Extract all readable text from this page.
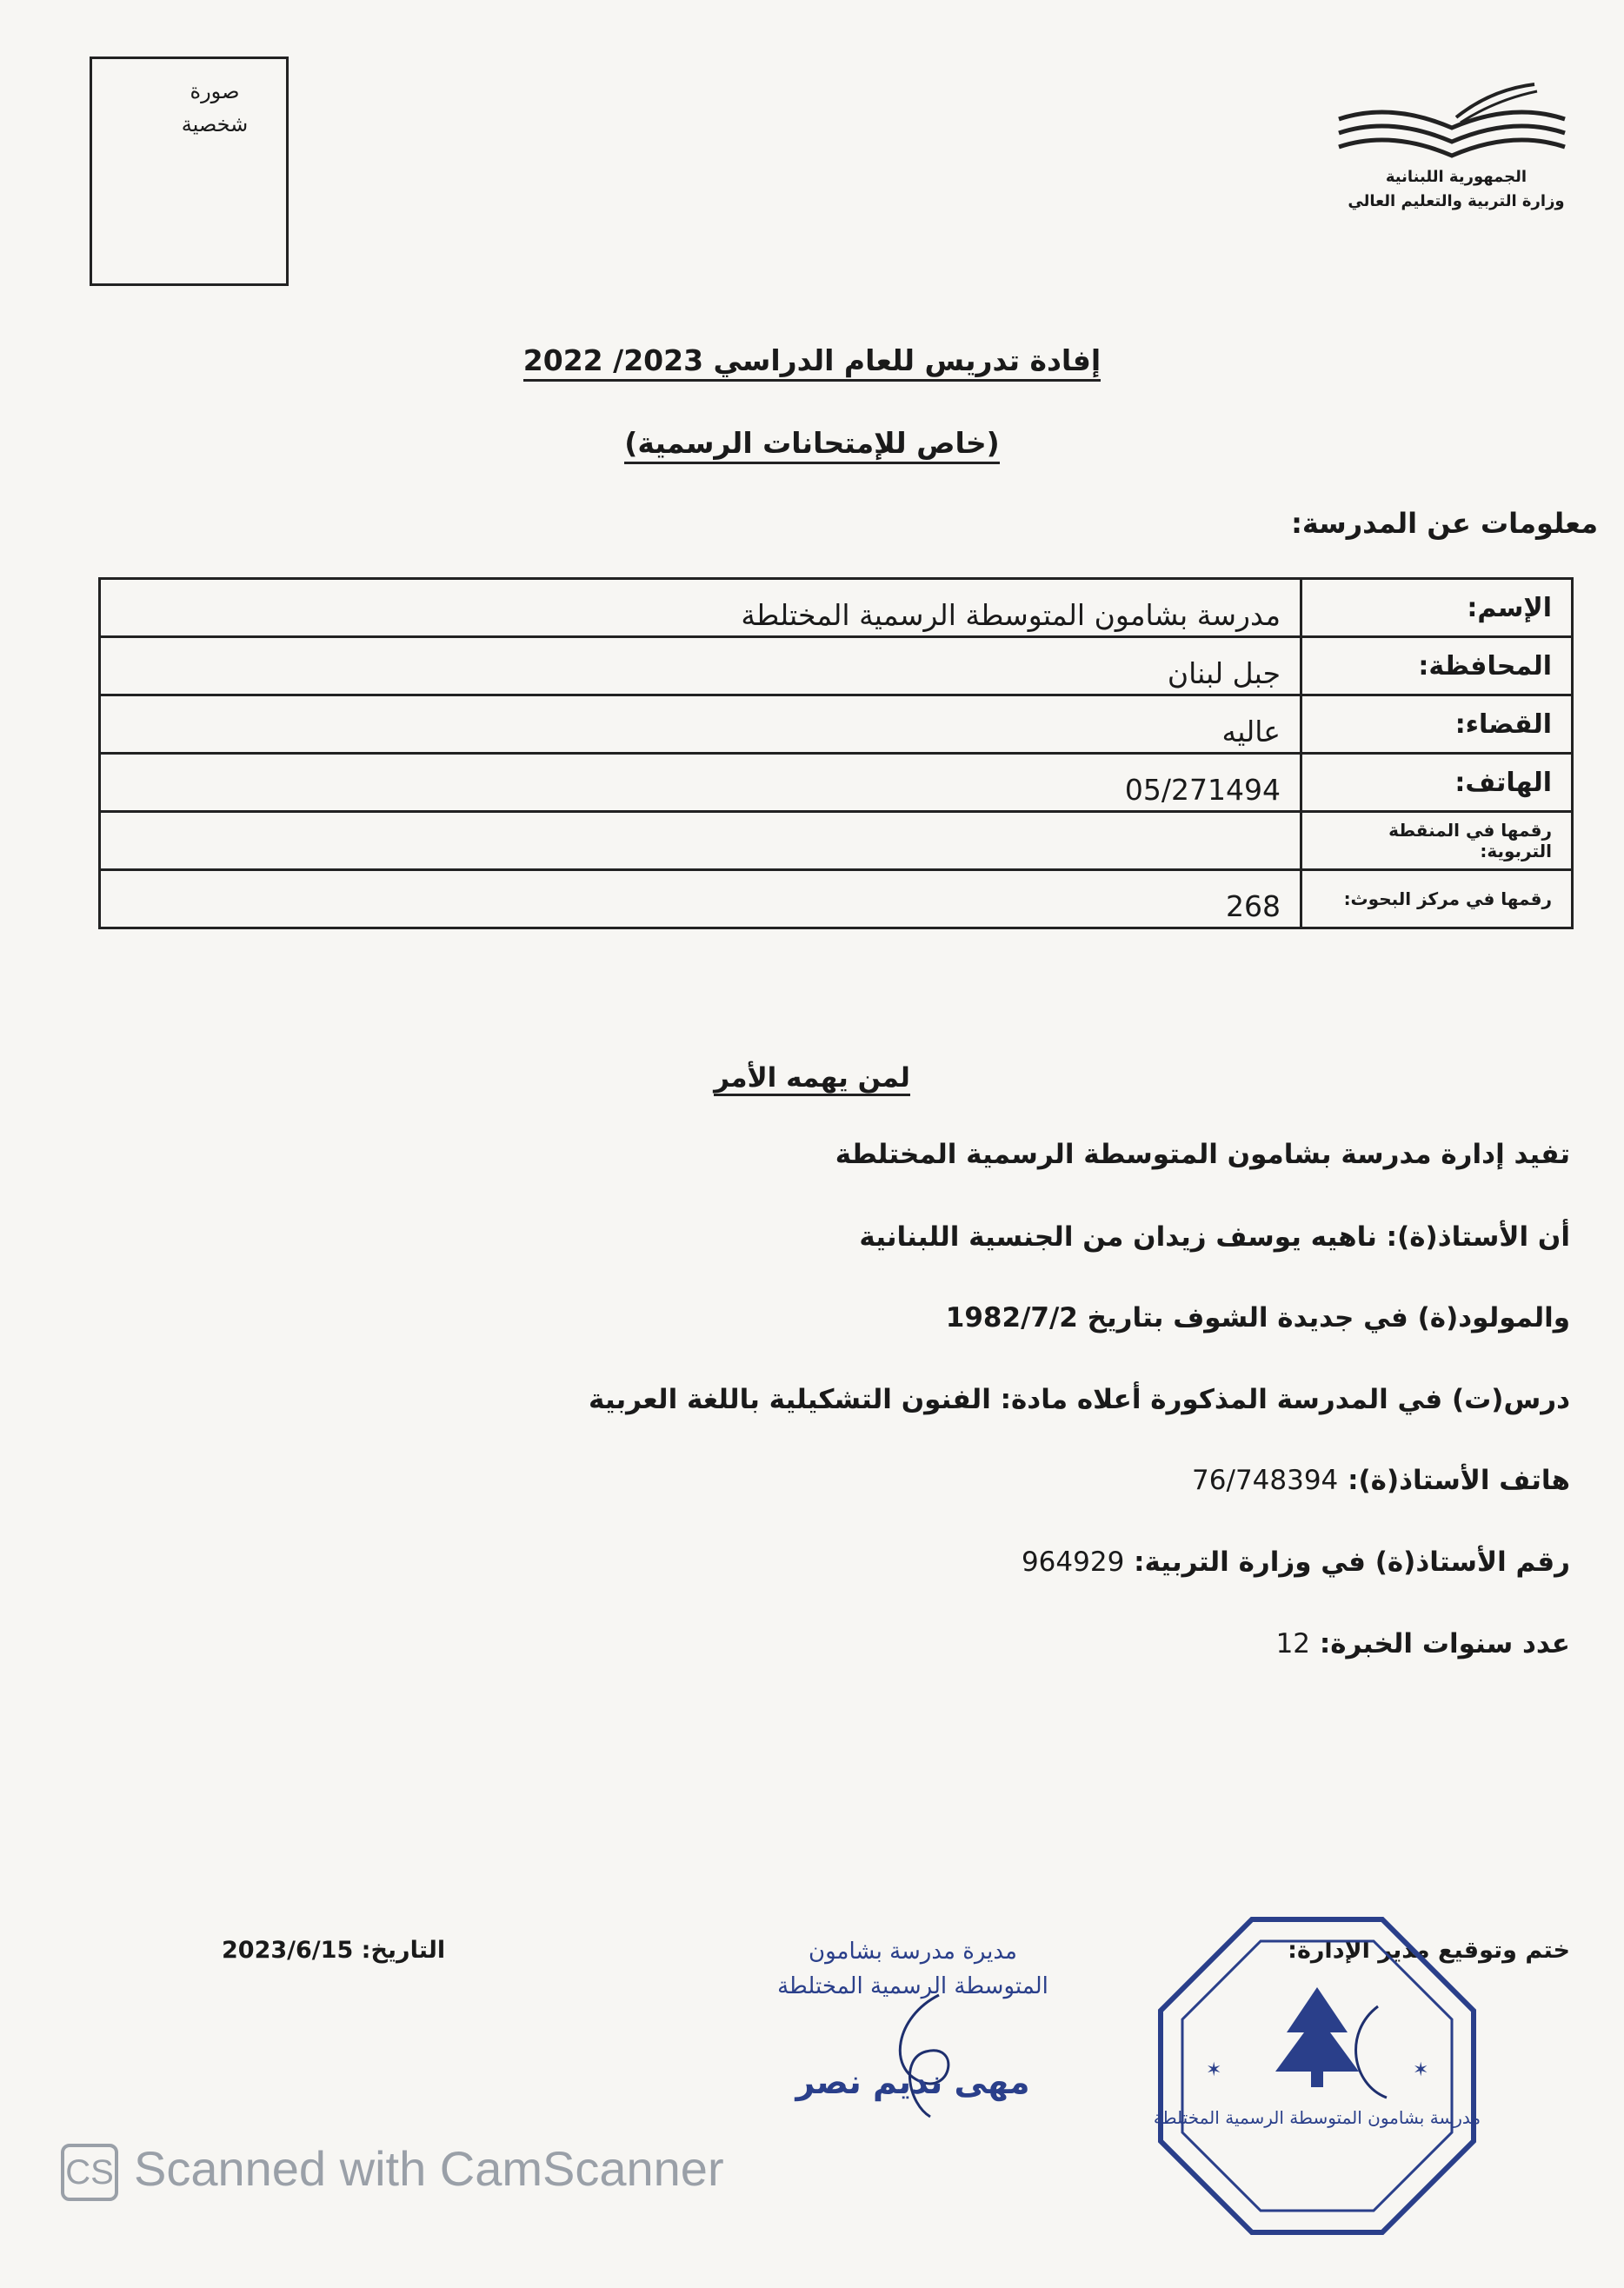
صورة
شخصية
الجمهورية اللبنانية
وزارة التربية والتعليم العالي
إفادة تدريس للعام الدراسي 2023/ 2022
(خاص للإمتحانات الرسمية)
معلومات عن المدرسة:
الإسم:	مدرسة بشامون المتوسطة الرسمية المختلطة
المحافظة:	جبل لبنان
القضاء:	عاليه
الهاتف:	05/271494
رقمها في المنقطة التربوية:	
رقمها في مركز البحوث:	268
لمن يهمه الأمر
تفيد إدارة مدرسة بشامون المتوسطة الرسمية المختلطة
أن الأستاذ(ة): ناهيه يوسف زيدان من الجنسية اللبنانية
والمولود(ة) في جديدة الشوف بتاريخ 1982/7/2
درس(ت) في المدرسة المذكورة أعلاه مادة: الفنون التشكيلية باللغة العربية
هاتف الأستاذ(ة): 76/748394
رقم الأستاذ(ة) في وزارة التربية: 964929
عدد سنوات الخبرة: 12
ختم وتوقيع مدير الإدارة:
2023/6/15 التاريخ:	مديرة مدرسة بشامون
المتوسطة الرسمية المختلطة
مهى نديم نصر
مدرسة بشامون المتوسطة الرسمية المختلطة
✶	✶
CS Scanned with CamScanner
